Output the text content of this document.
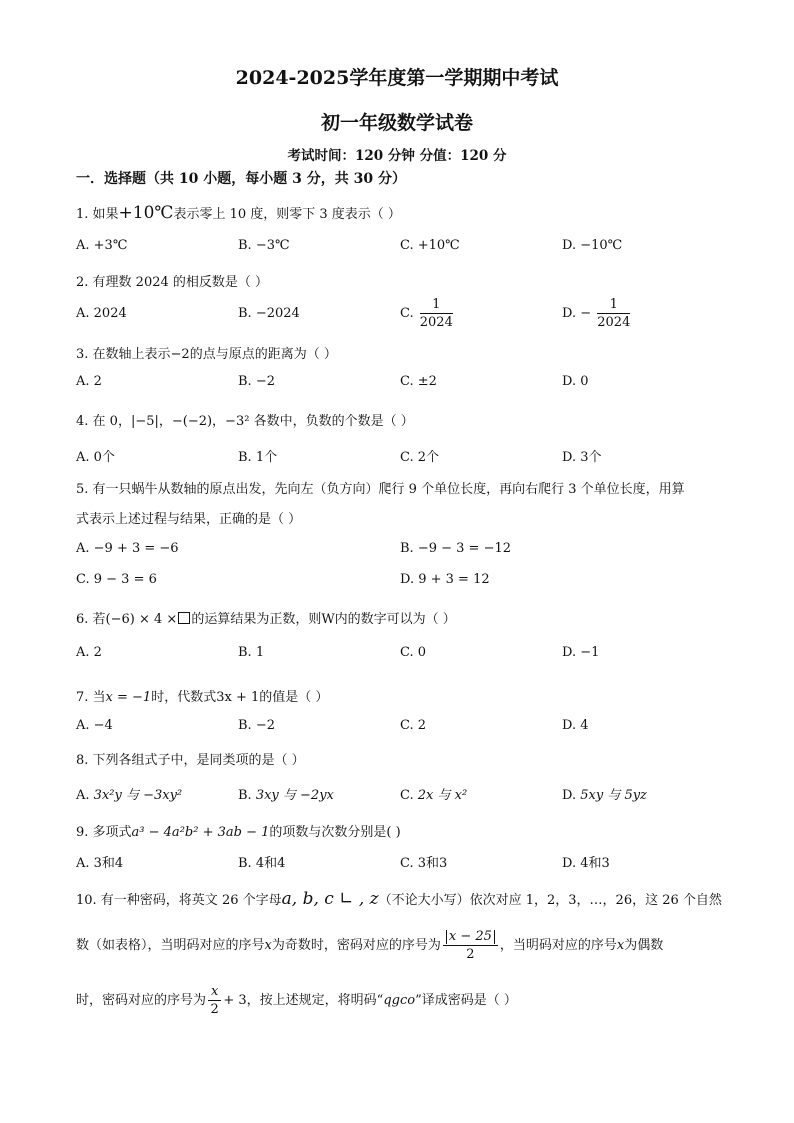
2024-2025学年度第一学期期中考试
初一年级数学试卷
考试时间：120 分钟 分值：120 分
一．选择题（共 10 小题，每小题 3 分，共 30 分）
1. 如果+10℃表示零上 10 度，则零下 3 度表示（ ）
A. +3℃	B. −3℃	C. +10℃	D. −10℃
2. 有理数 2024 的相反数是（ ）
A. 2024	B. −2024	C. $\frac{1}{2024}$	D. − $\frac{1}{2024}$
3. 在数轴上表示−2的点与原点的距离为（ ）
A. 2	B. −2	C. ±2	D. 0
4. 在 0，|−5|，−(−2)，−3² 各数中，负数的个数是（ ）
A. 0个	B. 1个	C. 2个	D. 3个
5. 有一只蜗牛从数轴的原点出发，先向左（负方向）爬行 9 个单位长度，再向右爬行 3 个单位长度，用算
式表示上述过程与结果，正确的是（ ）
A. −9 + 3 = −6	B. −9 − 3 = −12
C. 9 − 3 = 6	D. 9 + 3 = 12
6. 若(−6) × 4 × 的运算结果为正数，则W内的数字可以为（ ）
A. 2	B. 1	C. 0	D. −1
7. 当x = −1时，代数式3x + 1的值是（ ）
A. −4	B. −2	C. 2	D. 4
8. 下列各组式子中，是同类项的是（ ）
A. 3x²y 与 −3xy²	B. 3xy 与 −2yx	C. 2x 与 x²	D. 5xy 与 5yz
9. 多项式a³ − 4a²b² + 3ab − 1的项数与次数分别是( )
A. 3和4	B. 4和4	C. 3和3	D. 4和3
10. 有一种密码，将英文 26 个字母a, b, c ∟ , z（不论大小写）依次对应 1，2，3，…，26，这 26 个自然
数（如表格），当明码对应的序号x为奇数时，密码对应的序号为 $\frac{x - 25}{2}$ ，当明码对应的序号x为偶数
时，密码对应的序号为 $\frac{x}{2} + 3$，按上述规定，将明码“qgco”译成密码是（ ）
